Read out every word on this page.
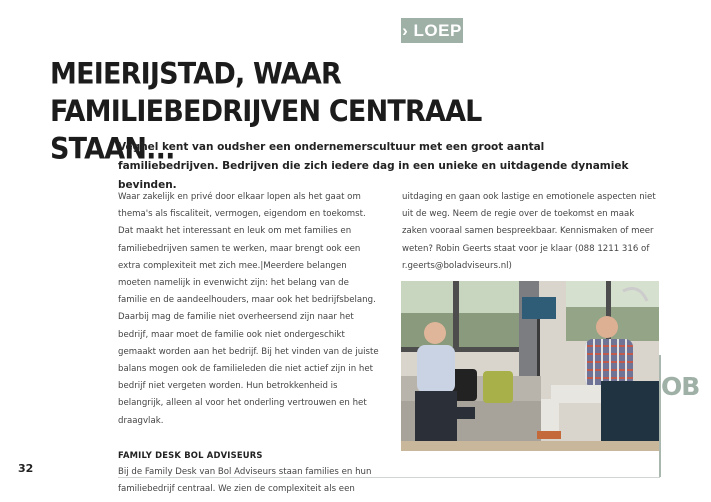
› LOEP
MEIERIJSTAD, WAAR FAMILIEBEDRIJVEN CENTRAAL STAAN...

Veghel kent van oudsher een ondernemerscultuur met een groot aantal familiebedrijven. Bedrijven die zich iedere dag in een unieke en uitdagende dynamiek bevinden.

Waar zakelijk en privé door elkaar lopen als het gaat om thema's als fiscaliteit, vermogen, eigendom en toekomst. Dat maakt het interessant en leuk om met families en familiebedrijven samen te werken, maar brengt ook een extra complexiteit met zich mee.|Meerdere belangen moeten namelijk in evenwicht zijn: het belang van de familie en de aandeelhouders, maar ook het bedrijfsbelang. Daarbij mag de familie niet overheersend zijn naar het bedrijf, maar moet de familie ook niet ondergeschikt gemaakt worden aan het bedrijf. Bij het vinden van de juiste balans mogen ook de familieleden die niet actief zijn in het bedrijf niet vergeten worden. Hun betrokkenheid is belangrijk, alleen al voor het onderling vertrouwen en het draagvlak.

FAMILY DESK BOL ADVISEURS

Bij de Family Desk van Bol Adviseurs staan families en hun familiebedrijf centraal. We zien de complexiteit als een

uitdaging en gaan ook lastige en emotionele aspecten niet uit de weg. Neem de regie over de toekomst en maak zaken vooraal samen bespreekbaar. Kennismaken of meer weten? Robin Geerts staat voor je klaar (088 1211 316 of r.geerts@boladviseurs.nl)

OB
32
